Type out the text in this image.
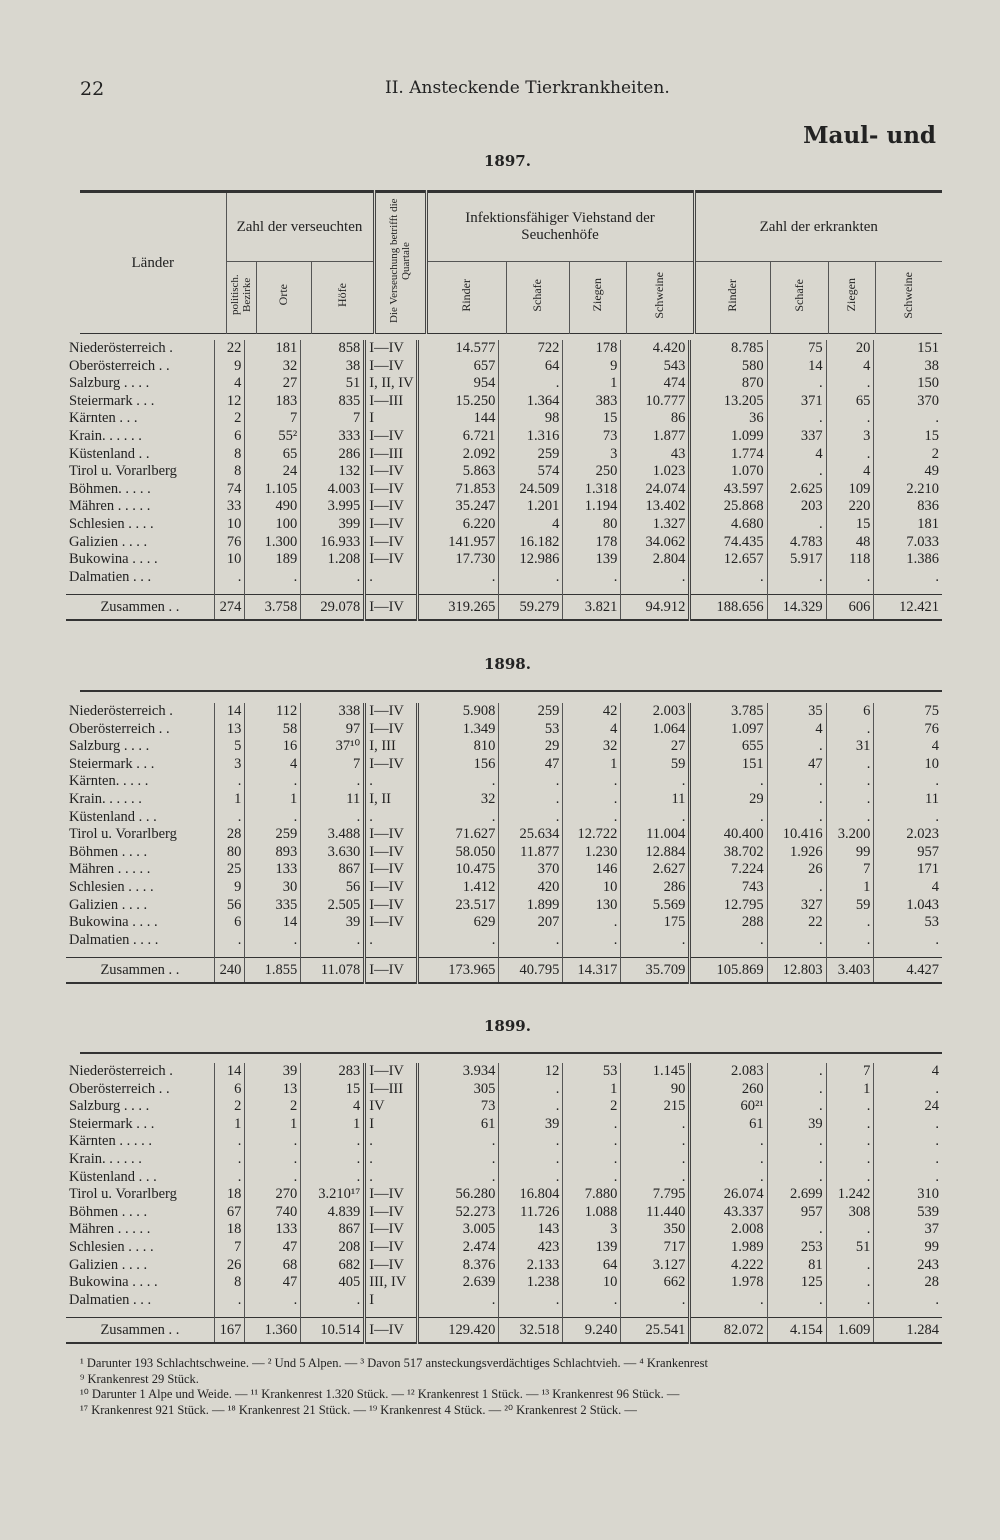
22	II. Ansteckende Tierkrankheiten.
Maul- und
1897.
Länder	Zahl der verseuchten			Die Verseuchung betrifft die Quartale	Infektionsfähiger Viehstand der Seuchenhöfe				Zahl der erkrankten			
	politisch. Bezirke	Orte	Höfe		Rinder	Schafe	Ziegen	Schweine	Rinder	Schafe	Ziegen	Schweine
Niederösterreich .	22	181	858	I—IV	14.577	722	178	4.420	8.785	75	20	151
Oberösterreich . .	9	32	38	I—IV	657	64	9	543	580	14	4	38
Salzburg . . . .	4	27	51	I, II, IV	954	.	1	474	870	.	.	150
Steiermark . . .	12	183	835	I—III	15.250	1.364	383	10.777	13.205	371	65	370
Kärnten . . .	2	7	7	I	144	98	15	86	36	.	.	.
Krain. . . . . .	6	55²	333	I—IV	6.721	1.316	73	1.877	1.099	337	3	15
Küstenland . .	8	65	286	I—III	2.092	259	3	43	1.774	4	.	2
Tirol u. Vorarlberg	8	24	132	I—IV	5.863	574	250	1.023	1.070	.	4	49
Böhmen. . . . .	74	1.105	4.003	I—IV	71.853	24.509	1.318	24.074	43.597	2.625	109	2.210
Mähren . . . . .	33	490	3.995	I—IV	35.247	1.201	1.194	13.402	25.868	203	220	836
Schlesien . . . .	10	100	399	I—IV	6.220	4	80	1.327	4.680	.	15	181
Galizien . . . .	76	1.300	16.933	I—IV	141.957	16.182	178	34.062	74.435	4.783	48	7.033
Bukowina . . . .	10	189	1.208	I—IV	17.730	12.986	139	2.804	12.657	5.917	118	1.386
Dalmatien . . .	.	.	.	.	.	.	.	.	.	.	.	.

Zusammen . .	274	3.758	29.078	I—IV	319.265	59.279	3.821	94.912	188.656	14.329	606	12.421
1898.
Niederösterreich .	14	112	338	I—IV	5.908	259	42	2.003	3.785	35	6	75
Oberösterreich . .	13	58	97	I—IV	1.349	53	4	1.064	1.097	4	.	76
Salzburg . . . .	5	16	37¹⁰	I, III	810	29	32	27	655	.	31	4
Steiermark . . .	3	4	7	I—IV	156	47	1	59	151	47	.	10
Kärnten. . . . .	.	.	.	.	.	.	.	.	.	.	.	.
Krain. . . . . .	1	1	11	I, II	32	.	.	11	29	.	.	11
Küstenland . . .	.	.	.	.	.	.	.	.	.	.	.	.
Tirol u. Vorarlberg	28	259	3.488	I—IV	71.627	25.634	12.722	11.004	40.400	10.416	3.200	2.023
Böhmen . . . .	80	893	3.630	I—IV	58.050	11.877	1.230	12.884	38.702	1.926	99	957
Mähren . . . . .	25	133	867	I—IV	10.475	370	146	2.627	7.224	26	7	171
Schlesien . . . .	9	30	56	I—IV	1.412	420	10	286	743	.	1	4
Galizien . . . .	56	335	2.505	I—IV	23.517	1.899	130	5.569	12.795	327	59	1.043
Bukowina . . . .	6	14	39	I—IV	629	207	.	175	288	22	.	53
Dalmatien . . . .	.	.	.	.	.	.	.	.	.	.	.	.

Zusammen . .	240	1.855	11.078	I—IV	173.965	40.795	14.317	35.709	105.869	12.803	3.403	4.427
1899.
Niederösterreich .	14	39	283	I—IV	3.934	12	53	1.145	2.083	.	7	4
Oberösterreich . .	6	13	15	I—III	305	.	1	90	260	.	1	.
Salzburg . . . .	2	2	4	IV	73	.	2	215	60²¹	.	.	24
Steiermark . . .	1	1	1	I	61	39	.	.	61	39	.	.
Kärnten . . . . .	.	.	.	.	.	.	.	.	.	.	.	.
Krain. . . . . .	.	.	.	.	.	.	.	.	.	.	.	.
Küstenland . . .	.	.	.	.	.	.	.	.	.	.	.	.
Tirol u. Vorarlberg	18	270	3.210¹⁷	I—IV	56.280	16.804	7.880	7.795	26.074	2.699	1.242	310
Böhmen . . . .	67	740	4.839	I—IV	52.273	11.726	1.088	11.440	43.337	957	308	539
Mähren . . . . .	18	133	867	I—IV	3.005	143	3	350	2.008	.	.	37
Schlesien . . . .	7	47	208	I—IV	2.474	423	139	717	1.989	253	51	99
Galizien . . . .	26	68	682	I—IV	8.376	2.133	64	3.127	4.222	81	.	243
Bukowina . . . .	8	47	405	III, IV	2.639	1.238	10	662	1.978	125	.	28
Dalmatien . . .	.	.	.	I	.	.	.	.	.	.	.	.

Zusammen . .	167	1.360	10.514	I—IV	129.420	32.518	9.240	25.541	82.072	4.154	1.609	1.284
¹ Darunter 193 Schlachtschweine. — ² Und 5 Alpen. — ³ Davon 517 ansteckungsverdächtiges Schlachtvieh. — ⁴ Krankenrest
⁹ Krankenrest 29 Stück.
¹⁰ Darunter 1 Alpe und Weide. — ¹¹ Krankenrest 1.320 Stück. — ¹² Krankenrest 1 Stück. — ¹³ Krankenrest 96 Stück. —
¹⁷ Krankenrest 921 Stück. — ¹⁸ Krankenrest 21 Stück. — ¹⁹ Krankenrest 4 Stück. — ²⁰ Krankenrest 2 Stück. —
